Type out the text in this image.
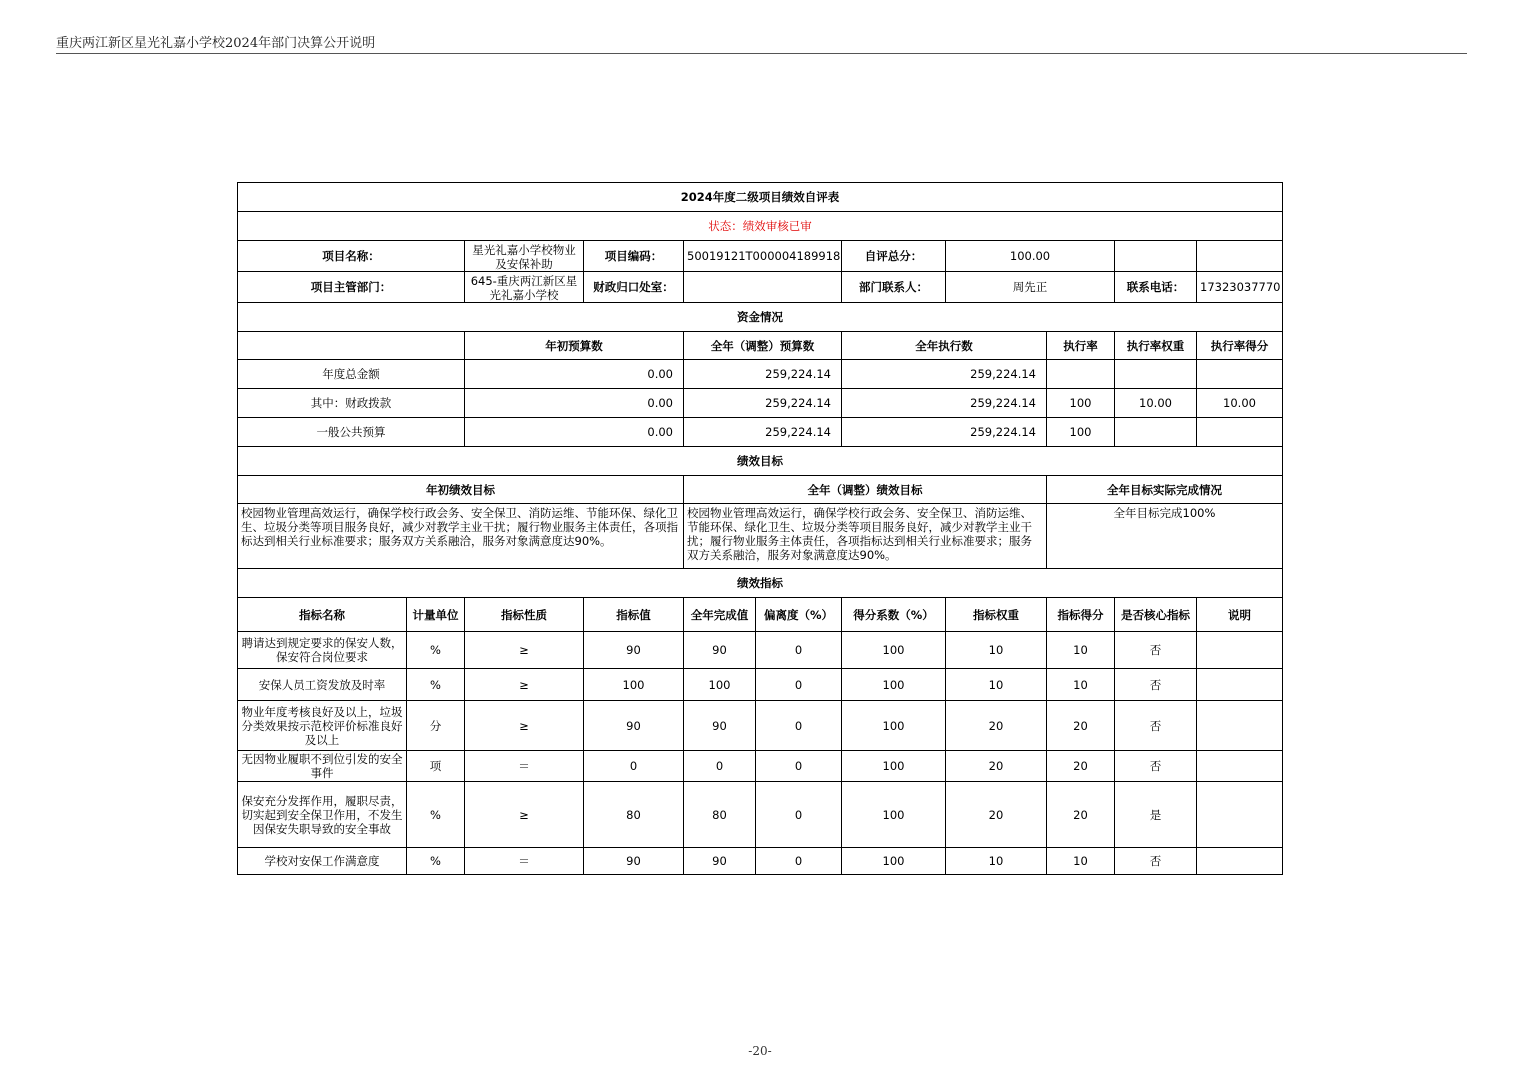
重庆两江新区星光礼嘉小学校2024年部门决算公开说明
2024年度二级项目绩效自评表										
状态：绩效审核已审										
项目名称：		星光礼嘉小学校物业及安保补助	项目编码：	50019121T000004189918		自评总分：	100.00			
项目主管部门：		645-重庆两江新区星光礼嘉小学校	财政归口处室：			部门联系人：	周先正		联系电话：	17323037770
资金情况										
		年初预算数		全年（调整）预算数		全年执行数		执行率	执行率权重	执行率得分
年度总金额		0.00		259,224.14		259,224.14				
其中：财政拨款		0.00		259,224.14		259,224.14		100	10.00	10.00
一般公共预算		0.00		259,224.14		259,224.14		100		
绩效目标										
年初绩效目标				全年（调整）绩效目标				全年目标实际完成情况		
校园物业管理高效运行，确保学校行政会务、安全保卫、消防运维、节能环保、绿化卫生、垃圾分类等项目服务良好，减少对教学主业干扰；履行物业服务主体责任，各项指标达到相关行业标准要求；服务双方关系融洽，服务对象满意度达90%。				校园物业管理高效运行，确保学校行政会务、安全保卫、消防运维、节能环保、绿化卫生、垃圾分类等项目服务良好，减少对教学主业干扰；履行物业服务主体责任，各项指标达到相关行业标准要求；服务双方关系融洽，服务对象满意度达90%。				全年目标完成100%		
绩效指标										
指标名称	计量单位	指标性质	指标值	全年完成值	偏离度（%）	得分系数（%）	指标权重	指标得分	是否核心指标	说明
聘请达到规定要求的保安人数，保安符合岗位要求	%	≥	90	90	0	100	10	10	否	
安保人员工资发放及时率	%	≥	100	100	0	100	10	10	否	
物业年度考核良好及以上，垃圾分类效果按示范校评价标准良好及以上	分	≥	90	90	0	100	20	20	否	
无因物业履职不到位引发的安全事件	项	＝	0	0	0	100	20	20	否	
保安充分发挥作用，履职尽责，切实起到安全保卫作用，不发生因保安失职导致的安全事故	%	≥	80	80	0	100	20	20	是	
学校对安保工作满意度	%	＝	90	90	0	100	10	10	否	
-20-
